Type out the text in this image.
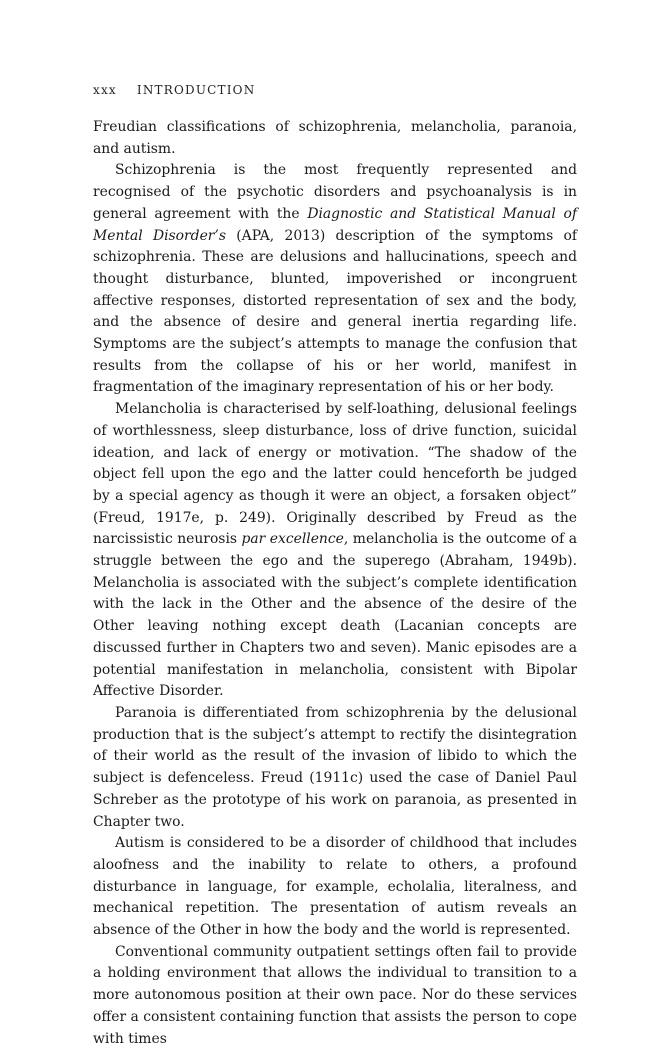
xxx INTRODUCTION

Freudian classifications of schizophrenia, melancholia, paranoia, and autism.

Schizophrenia is the most frequently represented and recognised of the psychotic disorders and psychoanalysis is in general agreement with the Diagnostic and Statistical Manual of Mental Disorder’s (APA, 2013) description of the symptoms of schizophrenia. These are delusions and hallucinations, speech and thought disturbance, blunted, impoverished or incongruent affective responses, distorted representation of sex and the body, and the absence of desire and general inertia regarding life. Symptoms are the subject’s attempts to manage the confusion that results from the collapse of his or her world, manifest in fragmentation of the imaginary representation of his or her body.

Melancholia is characterised by self-loathing, delusional feelings of worthlessness, sleep disturbance, loss of drive function, suicidal ideation, and lack of energy or motivation. “The shadow of the object fell upon the ego and the latter could henceforth be judged by a special agency as though it were an object, a forsaken object” (Freud, 1917e, p. 249). Originally described by Freud as the narcissistic neurosis par excellence, melancholia is the outcome of a struggle between the ego and the superego (Abraham, 1949b). Melancholia is associated with the subject’s complete identification with the lack in the Other and the absence of the desire of the Other leaving nothing except death (Lacanian concepts are discussed further in Chapters two and seven). Manic episodes are a potential manifestation in melancholia, consistent with Bipolar Affective Disorder.

Paranoia is differentiated from schizophrenia by the delusional production that is the subject’s attempt to rectify the disintegration of their world as the result of the invasion of libido to which the subject is defenceless. Freud (1911c) used the case of Daniel Paul Schreber as the prototype of his work on paranoia, as presented in Chapter two.

Autism is considered to be a disorder of childhood that includes aloofness and the inability to relate to others, a profound disturbance in language, for example, echolalia, literalness, and mechanical repetition. The presentation of autism reveals an absence of the Other in how the body and the world is represented.

Conventional community outpatient settings often fail to provide a holding environment that allows the individual to transition to a more autonomous position at their own pace. Nor do these services offer a consistent containing function that assists the person to cope with times
